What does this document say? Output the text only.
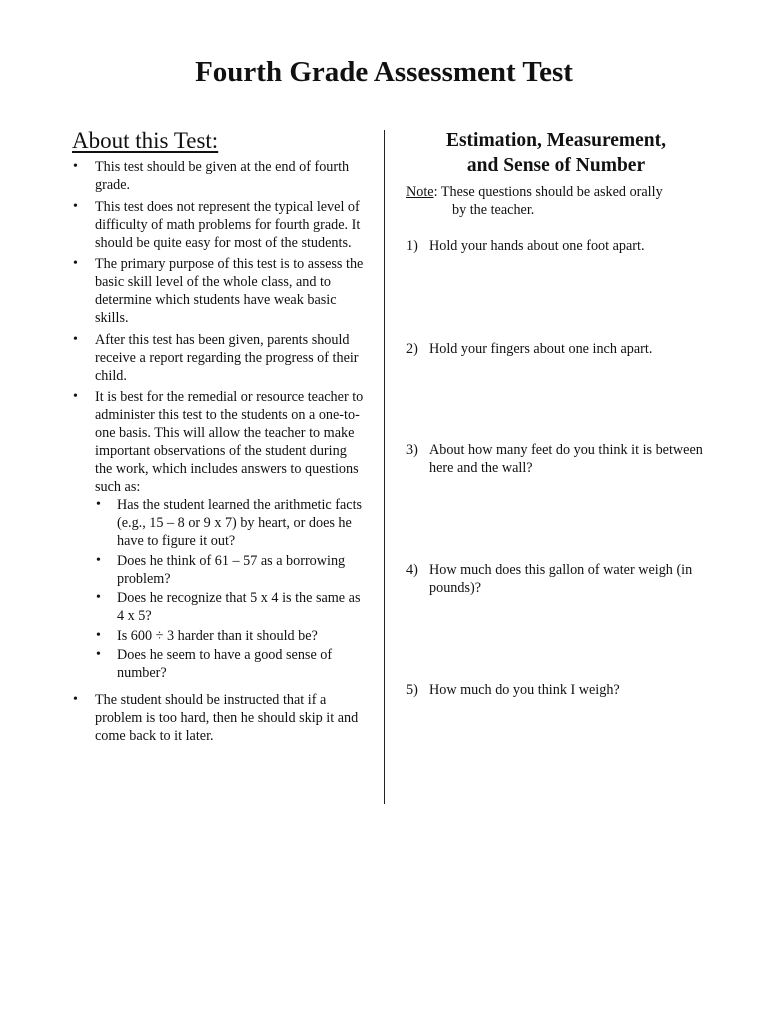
Fourth Grade Assessment Test
About this Test:
• This test should be given at the end of fourth grade.
• This test does not represent the typical level of difficulty of math problems for fourth grade. It should be quite easy for most of the students.
• The primary purpose of this test is to assess the basic skill level of the whole class, and to determine which students have weak basic skills.
• After this test has been given, parents should receive a report regarding the progress of their child.
• It is best for the remedial or resource teacher to administer this test to the students on a one-to-one basis. This will allow the teacher to make important observations of the student during the work, which includes answers to questions such as:
• Has the student learned the arithmetic facts (e.g., 15 – 8 or 9 x 7) by heart, or does he have to figure it out?
• Does he think of 61 – 57 as a borrowing problem?
• Does he recognize that 5 x 4 is the same as 4 x 5?
• Is 600 ÷ 3 harder than it should be?
• Does he seem to have a good sense of number?
• The student should be instructed that if a problem is too hard, then he should skip it and come back to it later.
Estimation, Measurement,
and Sense of Number
Note: These questions should be asked orally
by the teacher.
1) Hold your hands about one foot apart.
2) Hold your fingers about one inch apart.
3) About how many feet do you think it is between here and the wall?
4) How much does this gallon of water weigh (in pounds)?
5) How much do you think I weigh?
